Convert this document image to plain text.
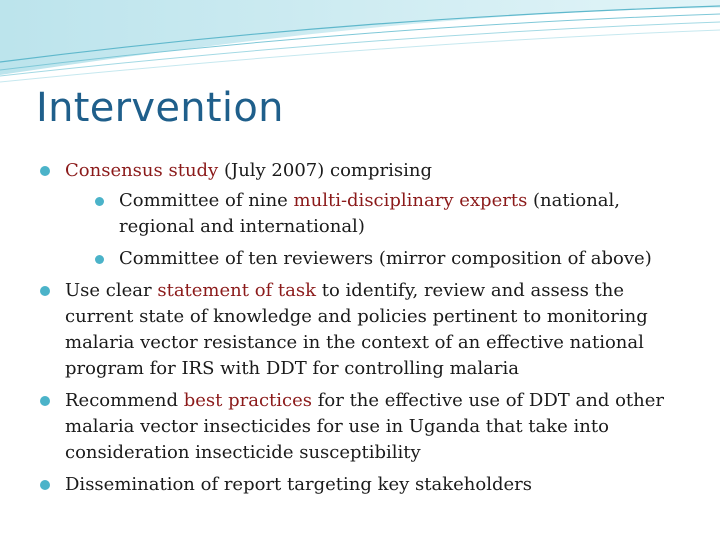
Intervention
Consensus study (July 2007) comprising
Committee of nine multi-disciplinary experts (national, regional and international)
Committee of ten reviewers (mirror composition of above)
Use clear statement of task to identify, review and assess the current state of knowledge and policies pertinent to monitoring malaria vector resistance in the context of an effective national program for IRS with DDT for controlling malaria
Recommend best practices for the effective use of DDT and other malaria vector insecticides for use in Uganda that take into consideration insecticide susceptibility
Dissemination of report targeting key stakeholders
